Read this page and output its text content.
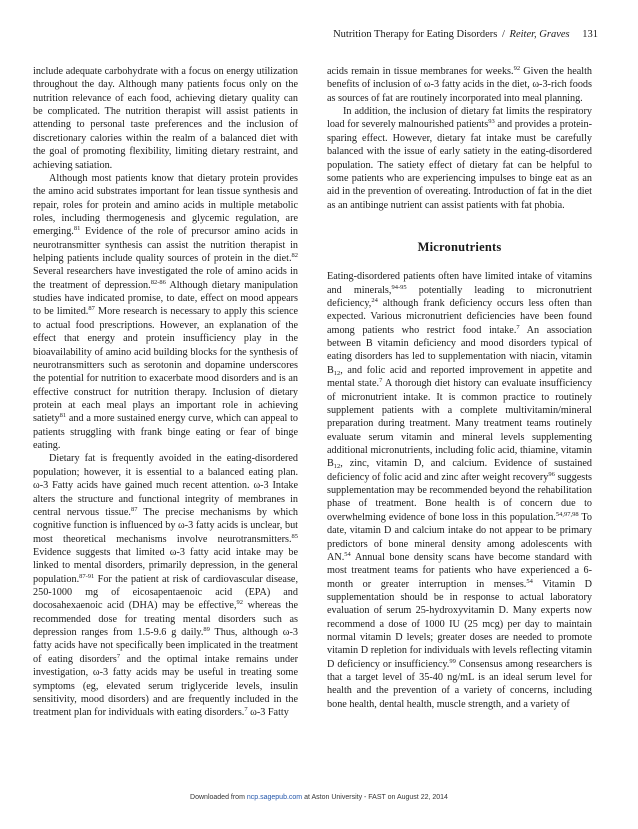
Nutrition Therapy for Eating Disorders / Reiter, Graves 131

include adequate carbohydrate with a focus on energy utilization throughout the day. Although many patients focus only on the nutrition relevance of each food, achieving dietary quality can be complicated. The nutrition therapist will assist patients in attending to personal taste preferences and the inclusion of discretionary calories within the realm of a balanced diet with the goal of promoting flexibility, limiting dietary restraint, and achieving satiation.

Although most patients know that dietary protein provides the amino acid substrates important for lean tissue synthesis and repair, roles for protein and amino acids in multiple metabolic roles, including thermogenesis and glycemic regulation, are emerging.$^{81}$ Evidence of the role of precursor amino acids in neurotransmitter synthesis can assist the nutrition therapist in helping patients include quality sources of protein in the diet.$^{82}$ Several researchers have investigated the role of amino acids in the treatment of depression.$^{82-86}$ Although dietary manipulation studies have indicated promise, to date, effect on mood appears to be limited.$^{87}$ More research is necessary to apply this science to actual food prescriptions. However, an explanation of the effect that energy and protein insufficiency play in the bioavailability of amino acid building blocks for the synthesis of neurotransmitters such as serotonin and dopamine underscores the potential for nutrition to exacerbate mood disorders and is an effective construct for nutrition therapy. Inclusion of dietary protein at each meal plays an important role in achieving satiety$^{81}$ and a more sustained energy curve, which can appeal to patients struggling with frank binge eating or fear of binge eating.

Dietary fat is frequently avoided in the eating-disordered population; however, it is essential to a balanced eating plan. ω-3 Fatty acids have gained much recent attention. ω-3 Intake alters the structure and functional integrity of membranes in central nervous tissue.$^{87}$ The precise mechanisms by which cognitive function is influenced by ω-3 fatty acids is unclear, but most theoretical mechanisms involve neurotransmitters.$^{85}$ Evidence suggests that limited ω-3 fatty acid intake may be linked to mental disorders, primarily depression, in the general population.$^{87-91}$ For the patient at risk of cardiovascular disease, 250-1000 mg of eicosapentaenoic acid (EPA) and docosahexaenoic acid (DHA) may be effective,$^{92}$ whereas the recommended dose for treating mental disorders such as depression ranges from 1.5-9.6 g daily.$^{89}$ Thus, although ω-3 fatty acids have not specifically been implicated in the treatment of eating disorders$^7$ and the optimal intake remains under investigation, ω-3 fatty acids may be useful in treating some symptoms (eg, elevated serum triglyceride levels, insulin sensitivity, mood disorders) and are frequently included in the treatment plan for individuals with eating disorders.$^7$ ω-3 Fatty

acids remain in tissue membranes for weeks.$^{92}$ Given the health benefits of inclusion of ω-3 fatty acids in the diet, ω-3-rich foods as sources of fat are routinely incorporated into meal planning.

In addition, the inclusion of dietary fat limits the respiratory load for severely malnourished patients$^{93}$ and provides a protein-sparing effect. However, dietary fat intake must be carefully balanced with the issue of early satiety in the eating-disordered population. The satiety effect of dietary fat can be helpful to some patients who are experiencing impulses to binge eat as an aid in the prevention of overeating. Introduction of fat in the diet as an antibinge nutrient can assist patients with fat phobia.

Micronutrients

Eating-disordered patients often have limited intake of vitamins and minerals,$^{94-95}$ potentially leading to micronutrient deficiency,$^{24}$ although frank deficiency occurs less often than expected. Various micronutrient deficiencies have been found among patients who restrict food intake.$^7$ An association between B vitamin deficiency and mood disorders typical of eating disorders has led to supplementation with niacin, vitamin $B_{12}$, and folic acid and reported improvement in appetite and mental state.$^7$ A thorough diet history can evaluate insufficiency of micronutrient intake. It is common practice to routinely supplement patients with a complete multivitamin/mineral preparation during treatment. Many treatment teams routinely evaluate serum vitamin and mineral levels supplementing additional micronutrients, including folic acid, thiamine, vitamin $B_{12}$, zinc, vitamin D, and calcium. Evidence of sustained deficiency of folic acid and zinc after weight recovery$^{96}$ suggests supplementation may be recommended beyond the rehabilitation phase of treatment. Bone health is of concern due to overwhelming evidence of bone loss in this population.$^{54,97,98}$ To date, vitamin D and calcium intake do not appear to be primary predictors of bone mineral density among adolescents with AN.$^{54}$ Annual bone density scans have become standard with most treatment teams for patients who have experienced a 6-month or greater interruption in menses.$^{54}$ Vitamin D supplementation should be in response to actual laboratory evaluation of serum 25-hydroxyvitamin D. Many experts now recommend a dose of 1000 IU (25 mcg) per day to maintain normal vitamin D levels; greater doses are needed to promote vitamin D repletion for individuals with levels reflecting vitamin D deficiency or insufficiency.$^{99}$ Consensus among researchers is that a target level of 35-40 ng/mL is an ideal serum level for health and the prevention of a variety of concerns, including bone health, dental health, muscle strength, and a variety of

Downloaded from ncp.sagepub.com at Aston University - FAST on August 22, 2014
